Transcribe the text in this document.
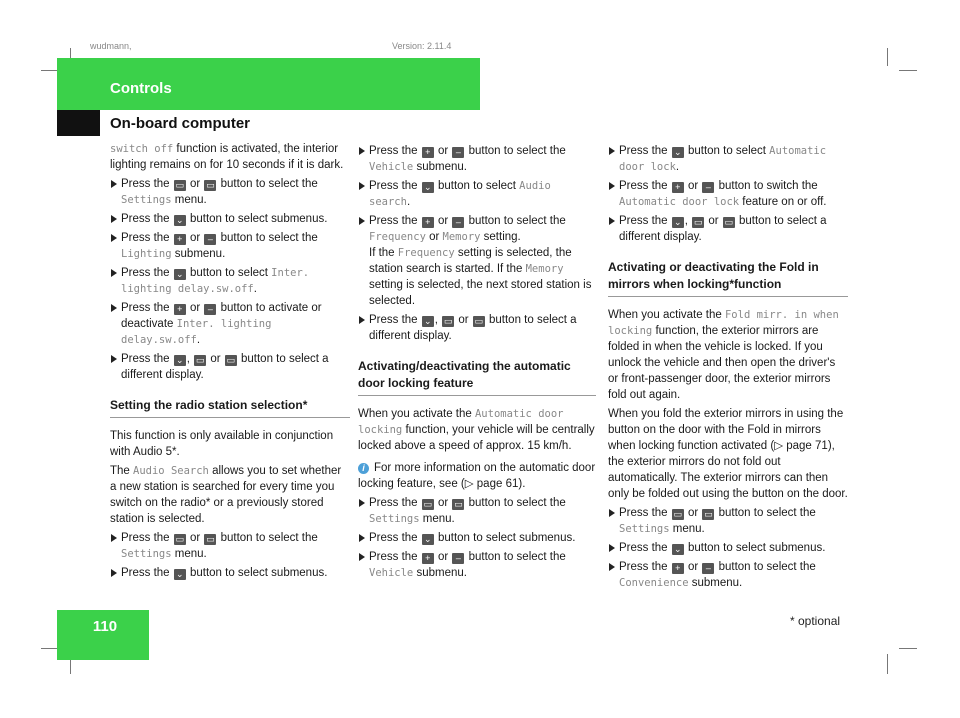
wudmann,	Version: 2.11.4
Controls
On-board computer

switch off function is activated, the interior lighting remains on for 10 seconds if it is dark.

Press the ▭ or ▭ button to select the Settings menu.
Press the ⌄ button to select submenus.
Press the + or – button to select the Lighting submenu.
Press the ⌄ button to select Inter. lighting delay.sw.off.
Press the + or – button to activate or deactivate Inter. lighting delay.sw.off.
Press the ⌄ , ▭ or ▭ button to select a different display.
Setting the radio station selection*

This function is only available in conjunction with Audio 5*.

The Audio Search allows you to set whether a new station is searched for every time you switch on the radio* or a previously stored station is selected.

Press the ▭ or ▭ button to select the Settings menu.
Press the ⌄ button to select submenus.
Press the + or – button to select the Vehicle submenu.
Press the ⌄ button to select Audio search.
Press the + or – button to select the Frequency or Memory setting.
If the Frequency setting is selected, the station search is started. If the Memory setting is selected, the next stored station is selected.
Press the ⌄ , ▭ or ▭ button to select a different display.
Activating/deactivating the automatic door locking feature

When you activate the Automatic door locking function, your vehicle will be centrally locked above a speed of approx. 15 km/h.

i For more information on the automatic door locking feature, see (▷ page 61).
Press the ▭ or ▭ button to select the Settings menu.
Press the ⌄ button to select submenus.
Press the + or – button to select the Vehicle submenu.
Press the ⌄ button to select Automatic door lock.
Press the + or – button to switch the Automatic door lock feature on or off.
Press the ⌄ , ▭ or ▭ button to select a different display.
Activating or deactivating the Fold in mirrors when locking*function

When you activate the Fold mirr. in when locking function, the exterior mirrors are folded in when the vehicle is locked. If you unlock the vehicle and then open the driver's or front-passenger door, the exterior mirrors fold out again.

When you fold the exterior mirrors in using the button on the door with the Fold in mirrors when locking function activated (▷ page 71), the exterior mirrors do not fold out automatically. The exterior mirrors can then only be folded out using the button on the door.

Press the ▭ or ▭ button to select the Settings menu.
Press the ⌄ button to select submenus.
Press the + or – button to select the Convenience submenu.
110	* optional
